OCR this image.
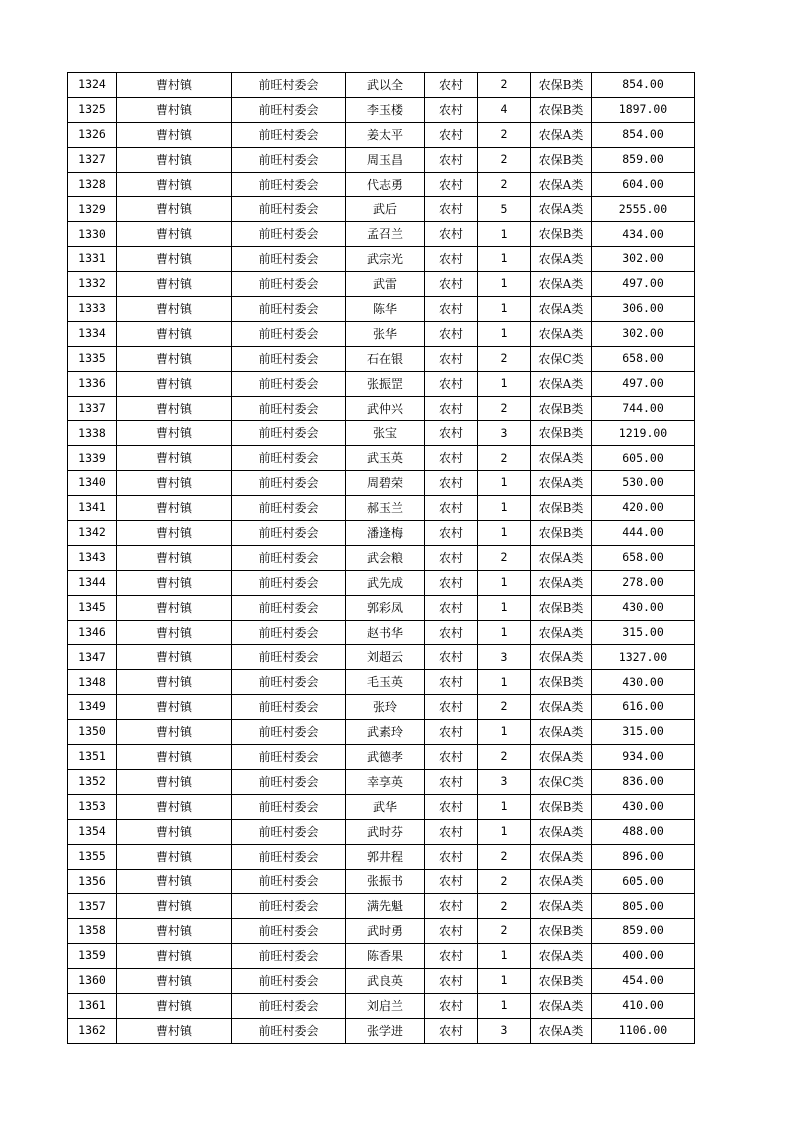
1324	曹村镇	前旺村委会	武以全	农村	2	农保B类	854.00
1325	曹村镇	前旺村委会	李玉楼	农村	4	农保B类	1897.00
1326	曹村镇	前旺村委会	姜太平	农村	2	农保A类	854.00
1327	曹村镇	前旺村委会	周玉昌	农村	2	农保B类	859.00
1328	曹村镇	前旺村委会	代志勇	农村	2	农保A类	604.00
1329	曹村镇	前旺村委会	武后	农村	5	农保A类	2555.00
1330	曹村镇	前旺村委会	孟召兰	农村	1	农保B类	434.00
1331	曹村镇	前旺村委会	武宗光	农村	1	农保A类	302.00
1332	曹村镇	前旺村委会	武雷	农村	1	农保A类	497.00
1333	曹村镇	前旺村委会	陈华	农村	1	农保A类	306.00
1334	曹村镇	前旺村委会	张华	农村	1	农保A类	302.00
1335	曹村镇	前旺村委会	石在银	农村	2	农保C类	658.00
1336	曹村镇	前旺村委会	张振罡	农村	1	农保A类	497.00
1337	曹村镇	前旺村委会	武仲兴	农村	2	农保B类	744.00
1338	曹村镇	前旺村委会	张宝	农村	3	农保B类	1219.00
1339	曹村镇	前旺村委会	武玉英	农村	2	农保A类	605.00
1340	曹村镇	前旺村委会	周碧荣	农村	1	农保A类	530.00
1341	曹村镇	前旺村委会	郝玉兰	农村	1	农保B类	420.00
1342	曹村镇	前旺村委会	潘逢梅	农村	1	农保B类	444.00
1343	曹村镇	前旺村委会	武会粮	农村	2	农保A类	658.00
1344	曹村镇	前旺村委会	武先成	农村	1	农保A类	278.00
1345	曹村镇	前旺村委会	郭彩凤	农村	1	农保B类	430.00
1346	曹村镇	前旺村委会	赵书华	农村	1	农保A类	315.00
1347	曹村镇	前旺村委会	刘超云	农村	3	农保A类	1327.00
1348	曹村镇	前旺村委会	毛玉英	农村	1	农保B类	430.00
1349	曹村镇	前旺村委会	张玲	农村	2	农保A类	616.00
1350	曹村镇	前旺村委会	武素玲	农村	1	农保A类	315.00
1351	曹村镇	前旺村委会	武德孝	农村	2	农保A类	934.00
1352	曹村镇	前旺村委会	幸享英	农村	3	农保C类	836.00
1353	曹村镇	前旺村委会	武华	农村	1	农保B类	430.00
1354	曹村镇	前旺村委会	武时芬	农村	1	农保A类	488.00
1355	曹村镇	前旺村委会	郭井程	农村	2	农保A类	896.00
1356	曹村镇	前旺村委会	张振书	农村	2	农保A类	605.00
1357	曹村镇	前旺村委会	满先魁	农村	2	农保A类	805.00
1358	曹村镇	前旺村委会	武时勇	农村	2	农保B类	859.00
1359	曹村镇	前旺村委会	陈香果	农村	1	农保A类	400.00
1360	曹村镇	前旺村委会	武良英	农村	1	农保B类	454.00
1361	曹村镇	前旺村委会	刘启兰	农村	1	农保A类	410.00
1362	曹村镇	前旺村委会	张学进	农村	3	农保A类	1106.00
